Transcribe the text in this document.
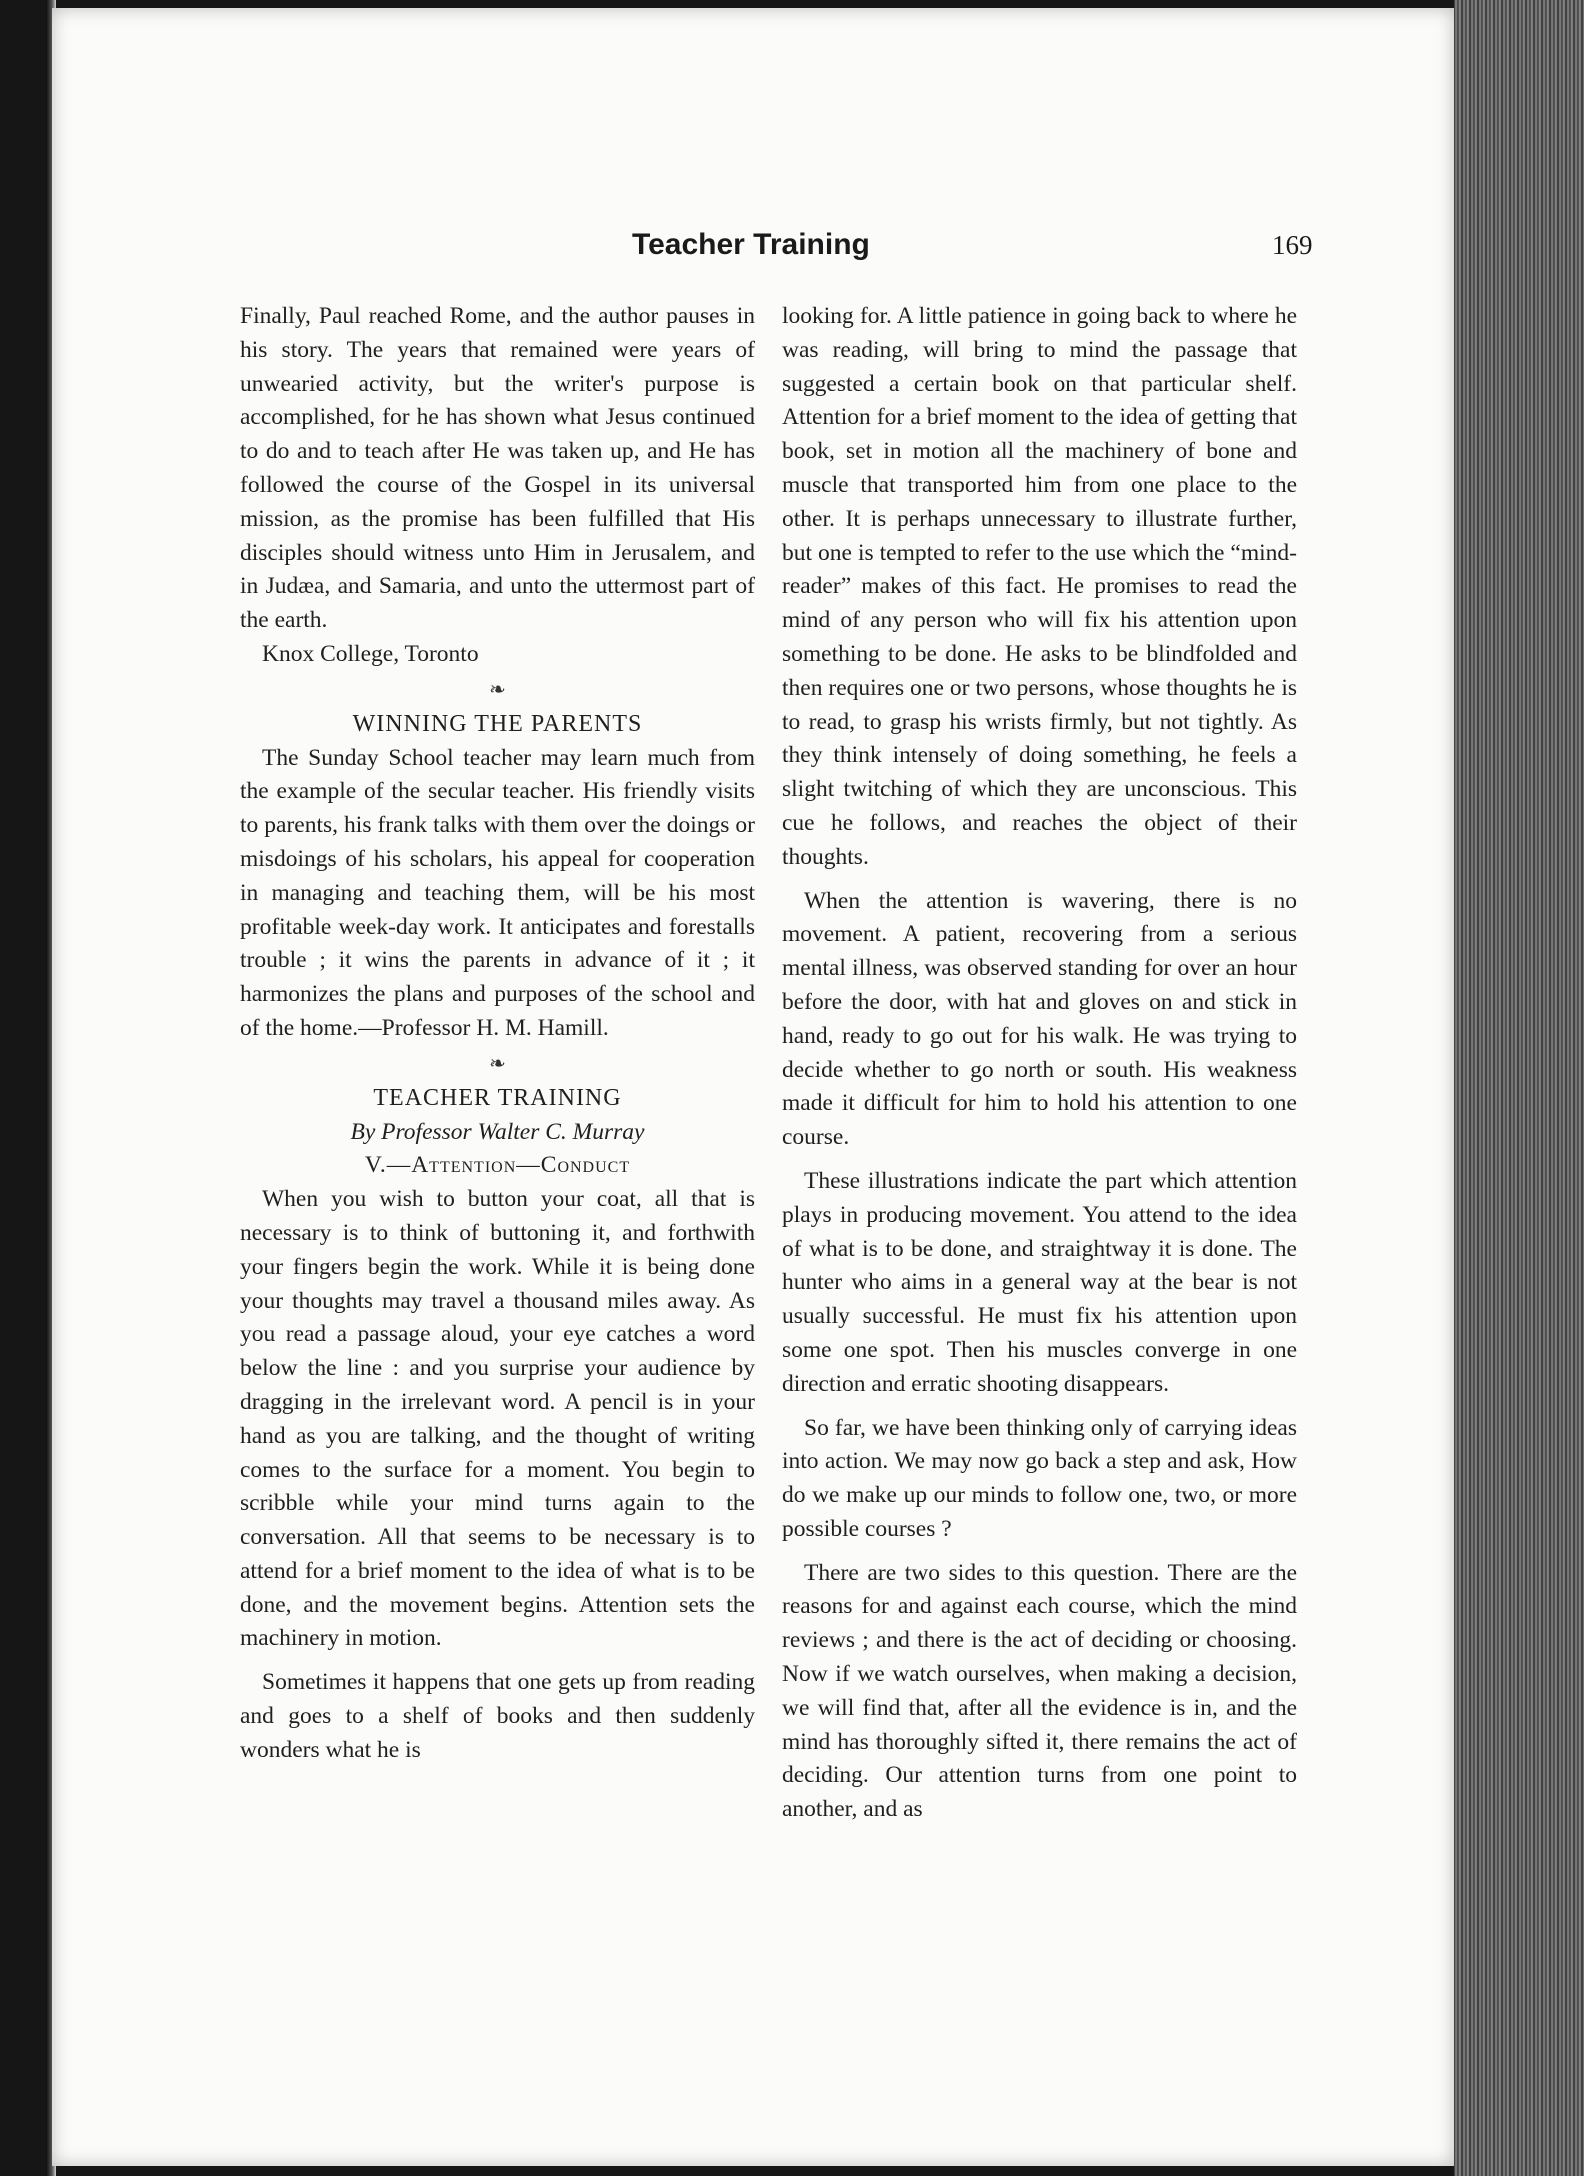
Teacher Training	169

Finally, Paul reached Rome, and the author pauses in his story. The years that remained were years of unwearied activity, but the writer's purpose is accomplished, for he has shown what Jesus continued to do and to teach after He was taken up, and He has followed the course of the Gospel in its universal mission, as the promise has been fulfilled that His disciples should witness unto Him in Jerusalem, and in Judæa, and Samaria, and unto the uttermost part of the earth.

Knox College, Toronto

❧

WINNING THE PARENTS

The Sunday School teacher may learn much from the example of the secular teacher. His friendly visits to parents, his frank talks with them over the doings or misdoings of his scholars, his appeal for cooperation in managing and teaching them, will be his most profitable week-day work. It anticipates and forestalls trouble ; it wins the parents in advance of it ; it harmonizes the plans and purposes of the school and of the home.—Professor H. M. Hamill.

❧

TEACHER TRAINING

By Professor Walter C. Murray

V.—Attention—Conduct

When you wish to button your coat, all that is necessary is to think of buttoning it, and forthwith your fingers begin the work. While it is being done your thoughts may travel a thousand miles away. As you read a passage aloud, your eye catches a word below the line : and you surprise your audience by dragging in the irrelevant word. A pencil is in your hand as you are talking, and the thought of writing comes to the surface for a moment. You begin to scribble while your mind turns again to the conversation. All that seems to be necessary is to attend for a brief moment to the idea of what is to be done, and the movement begins. Attention sets the machinery in motion.

Sometimes it happens that one gets up from reading and goes to a shelf of books and then suddenly wonders what he is

looking for. A little patience in going back to where he was reading, will bring to mind the passage that suggested a certain book on that particular shelf. Attention for a brief moment to the idea of getting that book, set in motion all the machinery of bone and muscle that transported him from one place to the other. It is perhaps unnecessary to illustrate further, but one is tempted to refer to the use which the “mind-reader” makes of this fact. He promises to read the mind of any person who will fix his attention upon something to be done. He asks to be blindfolded and then requires one or two persons, whose thoughts he is to read, to grasp his wrists firmly, but not tightly. As they think intensely of doing something, he feels a slight twitching of which they are unconscious. This cue he follows, and reaches the object of their thoughts.

When the attention is wavering, there is no movement. A patient, recovering from a serious mental illness, was observed standing for over an hour before the door, with hat and gloves on and stick in hand, ready to go out for his walk. He was trying to decide whether to go north or south. His weakness made it difficult for him to hold his attention to one course.

These illustrations indicate the part which attention plays in producing movement. You attend to the idea of what is to be done, and straightway it is done. The hunter who aims in a general way at the bear is not usually successful. He must fix his attention upon some one spot. Then his muscles converge in one direction and erratic shooting disappears.

So far, we have been thinking only of carrying ideas into action. We may now go back a step and ask, How do we make up our minds to follow one, two, or more possible courses ?

There are two sides to this question. There are the reasons for and against each course, which the mind reviews ; and there is the act of deciding or choosing. Now if we watch ourselves, when making a decision, we will find that, after all the evidence is in, and the mind has thoroughly sifted it, there remains the act of deciding. Our attention turns from one point to another, and as
